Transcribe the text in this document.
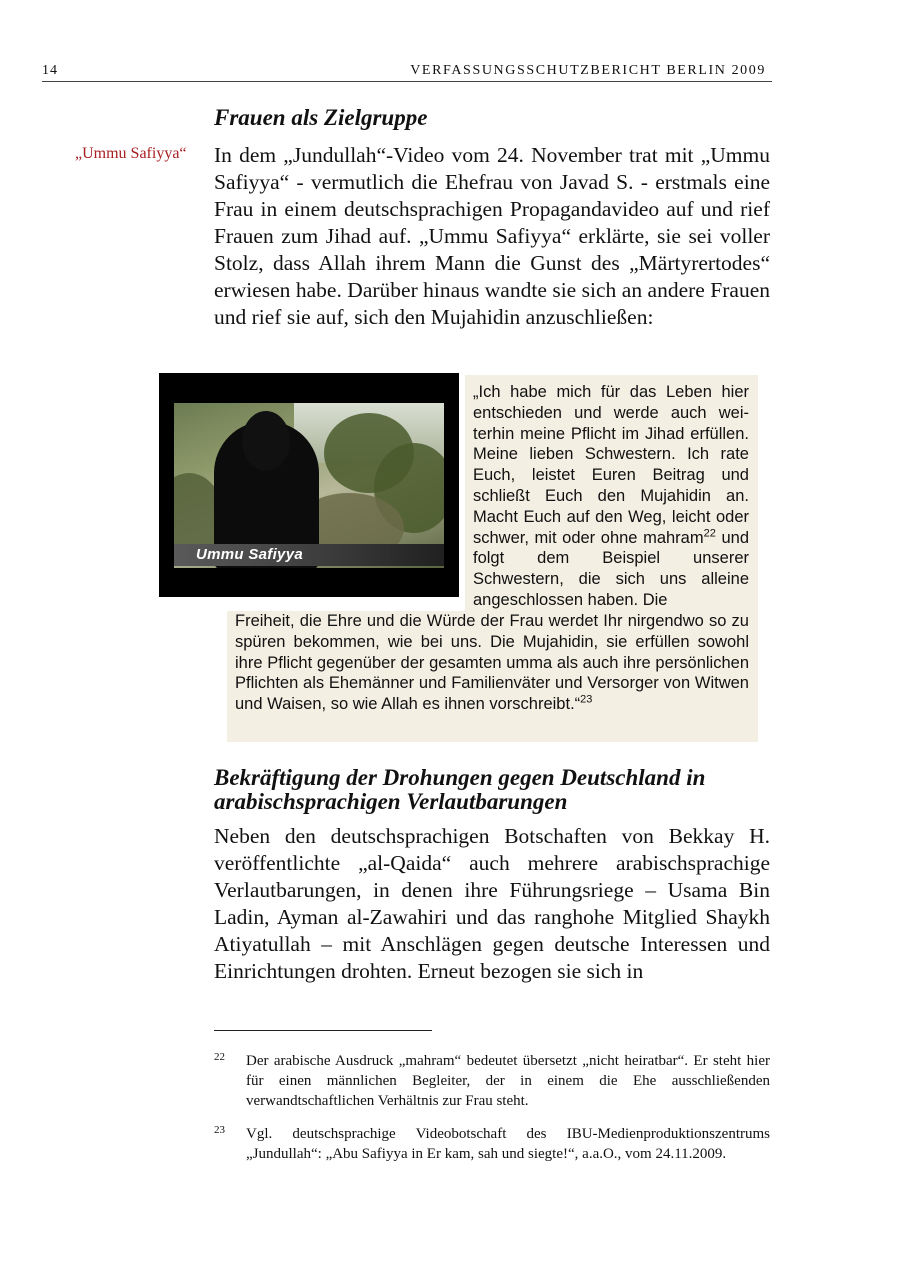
14	VERFASSUNGSSCHUTZBERICHT BERLIN 2009
Frauen als Zielgruppe
„Ummu Safiyya“ In dem „Jundullah“-Video vom 24. November trat mit „Ummu Safiyya“ - vermutlich die Ehefrau von Javad S. - erstmals eine Frau in einem deutschsprachigen Propagandavideo auf und rief Frauen zum Jihad auf. „Ummu Safiyya“ erklärte, sie sei voller Stolz, dass Allah ihrem Mann die Gunst des „Märtyrertodes“ erwiesen habe. Darüber hinaus wandte sie sich an andere Frauen und rief sie auf, sich den Mujahidin anzuschließen:

Ummu Safiyya

„Ich habe mich für das Leben hier entschieden und werde auch weiterhin meine Pflicht im Jihad erfüllen. Meine lieben Schwestern. Ich rate Euch, leistet Euren Beitrag und schließt Euch den Mujahidin an. Macht Euch auf den Weg, leicht oder schwer, mit oder ohne mahram$^{22}$ und folgt dem Beispiel unserer Schwestern, die sich uns alleine angeschlossen haben. Die

Freiheit, die Ehre und die Würde der Frau werdet Ihr nirgendwo so zu spüren bekommen, wie bei uns. Die Mujahidin, sie erfüllen sowohl ihre Pflicht gegenüber der gesamten umma als auch ihre persönlichen Pflichten als Ehemänner und Familienväter und Versorger von Witwen und Waisen, so wie Allah es ihnen vorschreibt.“$^{23}$

Bekräftigung der Drohungen gegen Deutschland in
arabischsprachigen Verlautbarungen

Neben den deutschsprachigen Botschaften von Bekkay H. veröffentlichte „al-Qaida“ auch mehrere arabischsprachige Verlautbarungen, in denen ihre Führungsriege – Usama Bin Ladin, Ayman al-Zawahiri und das ranghohe Mitglied Shaykh Atiyatullah – mit Anschlägen gegen deutsche Interessen und Einrichtungen drohten. Erneut bezogen sie sich in

22 Der arabische Ausdruck „mahram“ bedeutet übersetzt „nicht heiratbar“. Er steht hier für einen männlichen Begleiter, der in einem die Ehe ausschließenden verwandtschaftlichen Verhältnis zur Frau steht.

23 Vgl. deutschsprachige Videobotschaft des IBU-Medienproduktionszentrums „Jundullah“: „Abu Safiyya in Er kam, sah und siegte!“, a.a.O., vom 24.11.2009.
